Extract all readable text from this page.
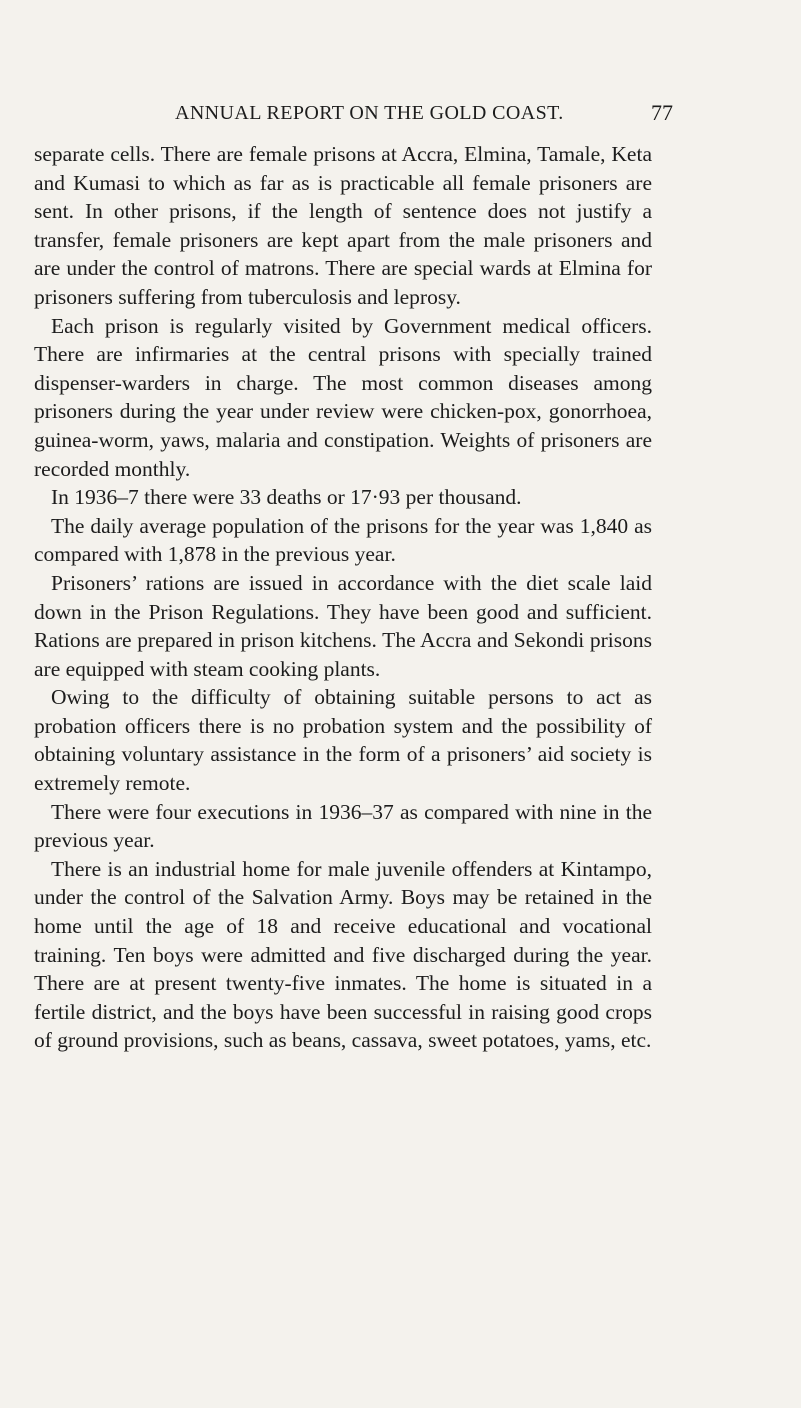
ANNUAL REPORT ON THE GOLD COAST.	77

separate cells. There are female prisons at Accra, Elmina, Tamale, Keta and Kumasi to which as far as is practicable all female prisoners are sent. In other prisons, if the length of sentence does not justify a transfer, female prisoners are kept apart from the male prisoners and are under the control of matrons. There are special wards at Elmina for prisoners suffering from tuberculosis and leprosy.

Each prison is regularly visited by Government medical officers. There are infirmaries at the central prisons with specially trained dispenser-warders in charge. The most common diseases among prisoners during the year under review were chicken-pox, gonorrhoea, guinea-worm, yaws, malaria and constipation. Weights of prisoners are recorded monthly.

In 1936–7 there were 33 deaths or 17·93 per thousand.

The daily average population of the prisons for the year was 1,840 as compared with 1,878 in the previous year.

Prisoners’ rations are issued in accordance with the diet scale laid down in the Prison Regulations. They have been good and sufficient. Rations are prepared in prison kitchens. The Accra and Sekondi prisons are equipped with steam cooking plants.

Owing to the difficulty of obtaining suitable persons to act as probation officers there is no probation system and the possibility of obtaining voluntary assistance in the form of a prisoners’ aid society is extremely remote.

There were four executions in 1936–37 as compared with nine in the previous year.

There is an industrial home for male juvenile offenders at Kintampo, under the control of the Salvation Army. Boys may be retained in the home until the age of 18 and receive educational and vocational training. Ten boys were admitted and five discharged during the year. There are at present twenty-five inmates. The home is situated in a fertile district, and the boys have been successful in raising good crops of ground provisions, such as beans, cassava, sweet potatoes, yams, etc.
